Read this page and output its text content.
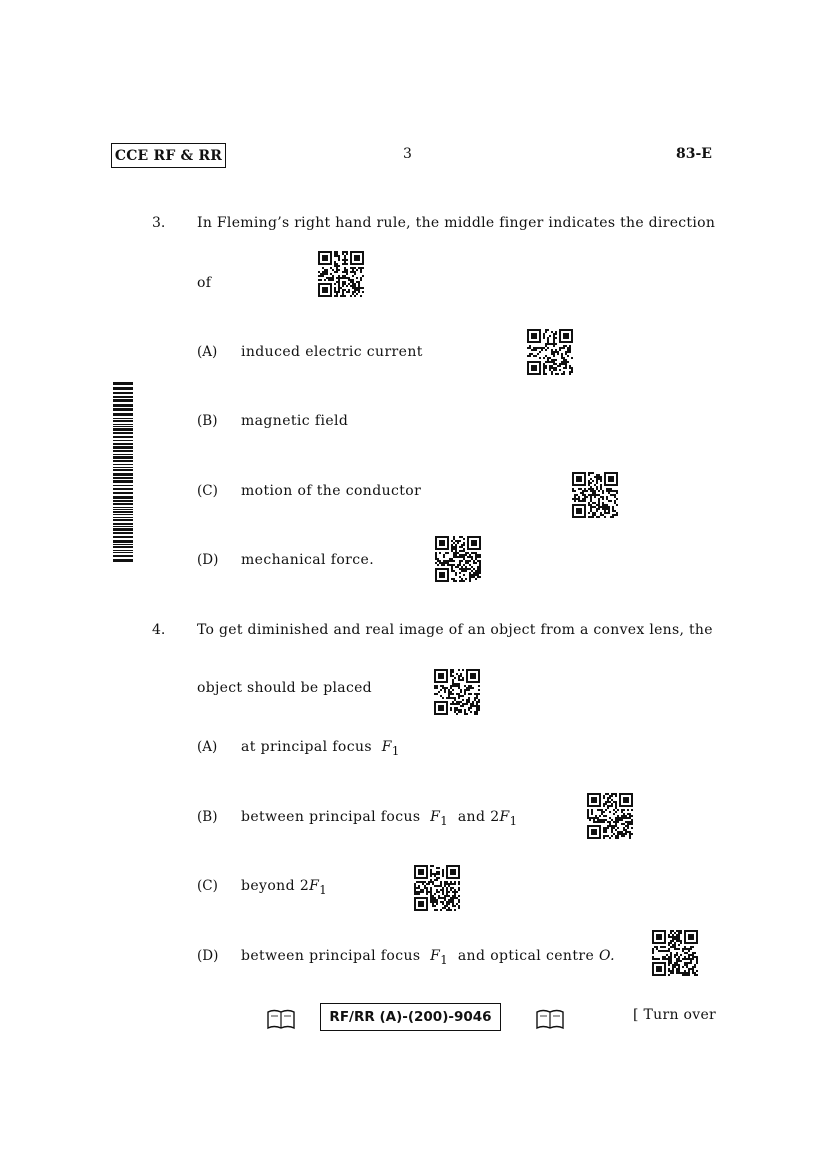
CCE RF & RR	3	83-E
3. In Fleming’s right hand rule, the middle finger indicates the direction
of
(A) induced electric current
(B) magnetic field
(C) motion of the conductor
(D) mechanical force.
4. To get diminished and real image of an object from a convex lens, the
object should be placed
(A) at principal focus $F_1$
(B) between principal focus $F_1$ and $2F_1$
(C) beyond $2F_1$
(D) between principal focus $F_1$ and optical centre O.
RF/RR (A)-(200)-9046	[ Turn over
